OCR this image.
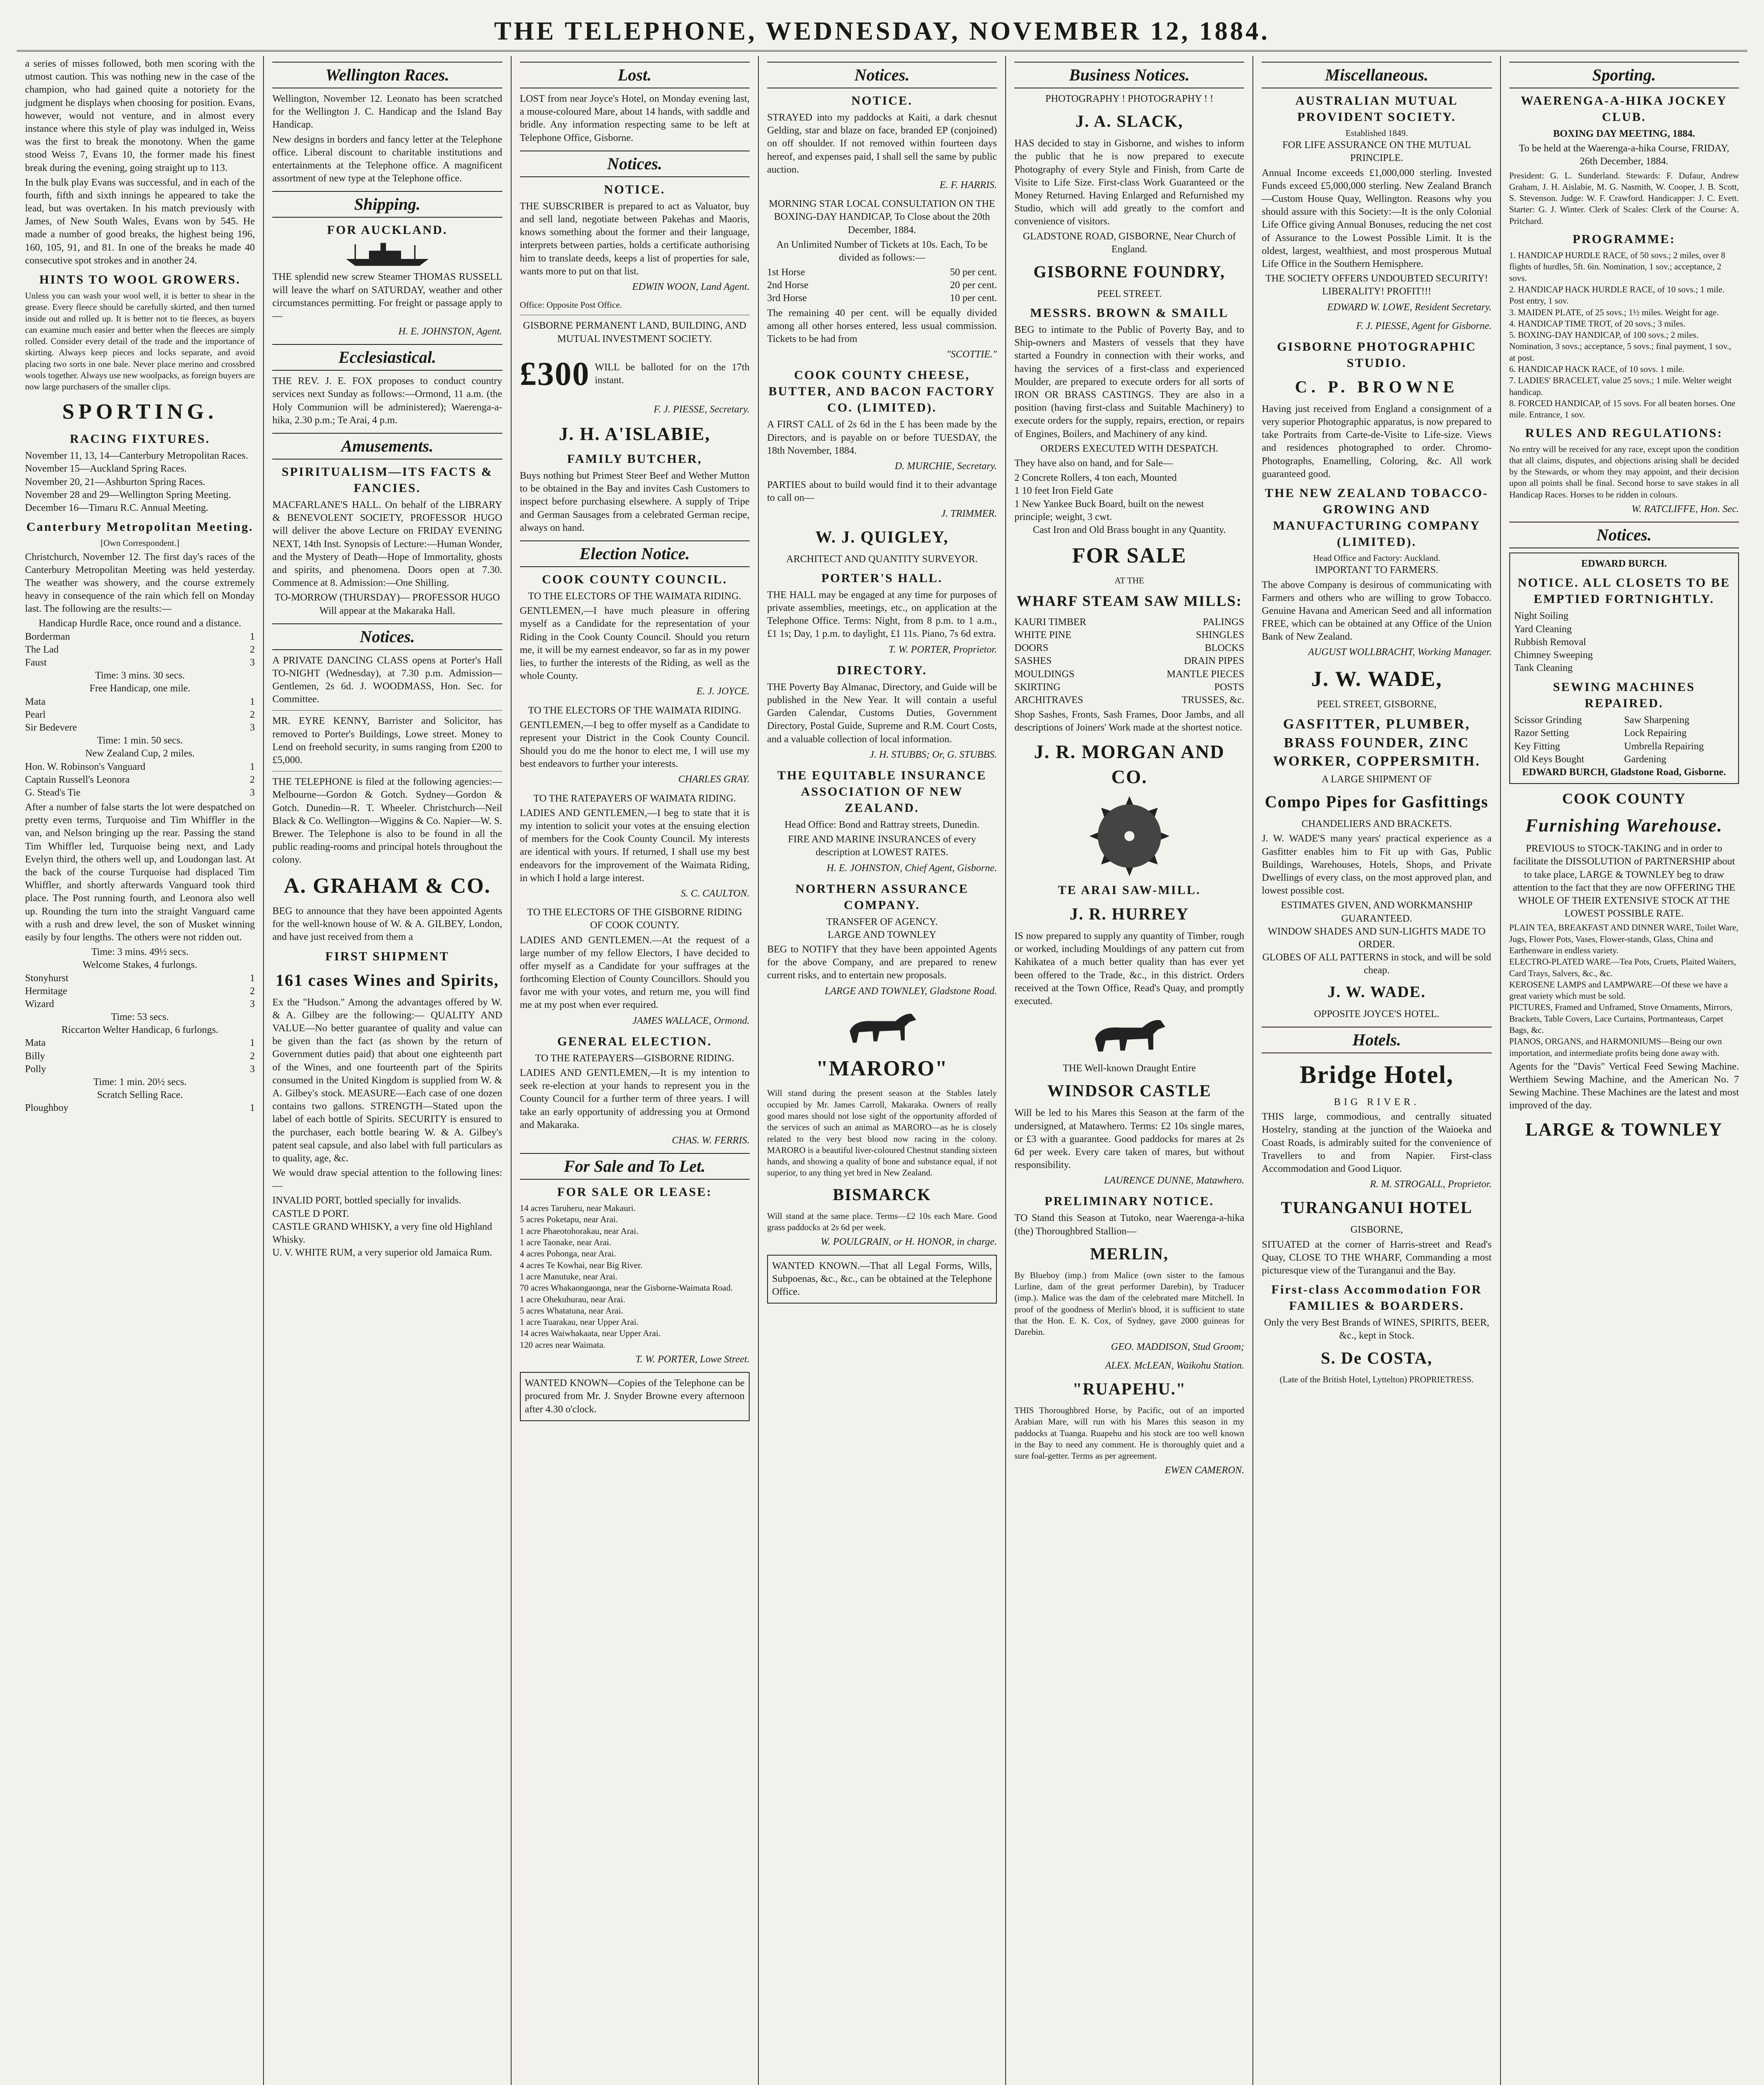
THE TELEPHONE, WEDNESDAY, NOVEMBER 12, 1884.
a series of misses followed, both men scoring with the utmost caution. This was nothing new in the case of the champion, who had gained quite a notoriety for the judgment he displays when choosing for position. Evans, however, would not venture, and in almost every instance where this style of play was indulged in, Weiss was the first to break the monotony. When the game stood Weiss 7, Evans 10, the former made his finest break during the evening, going straight up to 113.
In the bulk play Evans was successful, and in each of the fourth, fifth and sixth innings he appeared to take the lead, but was overtaken. In his match previously with James, of New South Wales, Evans won by 545. He made a number of good breaks, the highest being 196, 160, 105, 91, and 81. In one of the breaks he made 40 consecutive spot strokes and in another 24.
HINTS TO WOOL GROWERS.
Unless you can wash your wool well, it is better to shear in the grease. Every fleece should be carefully skirted, and then turned inside out and rolled up. It is better not to tie fleeces, as buyers can examine much easier and better when the fleeces are simply rolled. Consider every detail of the trade and the importance of skirting. Always keep pieces and locks separate, and avoid placing two sorts in one bale. Never place merino and crossbred wools together. Always use new woolpacks, as foreign buyers are now large purchasers of the smaller clips.
SPORTING.
RACING FIXTURES.
November 11, 13, 14—Canterbury Metropolitan Races.
November 15—Auckland Spring Races.
November 20, 21—Ashburton Spring Races.
November 28 and 29—Wellington Spring Meeting.
December 16—Timaru R.C. Annual Meeting.
Canterbury Metropolitan Meeting.
[Own Correspondent.]
Christchurch, November 12. The first day's races of the Canterbury Metropolitan Meeting was held yesterday. The weather was showery, and the course extremely heavy in consequence of the rain which fell on Monday last. The following are the results:—
Handicap Hurdle Race, once round and a distance.
Borderman	1
The Lad	2
Faust	3
Time: 3 mins. 30 secs.
Free Handicap, one mile.
Mata	1
Pearl	2
Sir Bedevere	3
Time: 1 min. 50 secs.
New Zealand Cup, 2 miles.
Hon. W. Robinson's Vanguard	1
Captain Russell's Leonora	2
G. Stead's Tie	3
After a number of false starts the lot were despatched on pretty even terms, Turquoise and Tim Whiffler in the van, and Nelson bringing up the rear. Passing the stand Tim Whiffler led, Turquoise being next, and Lady Evelyn third, the others well up, and Loudongan last. At the back of the course Turquoise had displaced Tim Whiffler, and shortly afterwards Vanguard took third place. The Post running fourth, and Leonora also well up. Rounding the turn into the straight Vanguard came with a rush and drew level, the son of Musket winning easily by four lengths. The others were not ridden out.
Time: 3 mins. 49½ secs.
Welcome Stakes, 4 furlongs.
Stonyhurst	1
Hermitage	2
Wizard	3
Time: 53 secs.
Riccarton Welter Handicap, 6 furlongs.
Mata	1
Billy	2
Polly	3
Time: 1 min. 20½ secs.
Scratch Selling Race.
Ploughboy	1
Wellington Races.
Wellington, November 12. Leonato has been scratched for the Wellington J. C. Handicap and the Island Bay Handicap.
New designs in borders and fancy letter at the Telephone office. Liberal discount to charitable institutions and entertainments at the Telephone office. A magnificent assortment of new type at the Telephone office.
Shipping.
FOR AUCKLAND.
THE splendid new screw Steamer THOMAS RUSSELL will leave the wharf on SATURDAY, weather and other circumstances permitting. For freight or passage apply to—
H. E. JOHNSTON, Agent.
Ecclesiastical.
THE REV. J. E. FOX proposes to conduct country services next Sunday as follows:—Ormond, 11 a.m. (the Holy Communion will be administered); Waerenga-a-hika, 2.30 p.m.; Te Arai, 4 p.m.
Amusements.
SPIRITUALISM—ITS FACTS & FANCIES.
MACFARLANE'S HALL. On behalf of the LIBRARY & BENEVOLENT SOCIETY, PROFESSOR HUGO will deliver the above Lecture on FRIDAY EVENING NEXT, 14th Inst. Synopsis of Lecture:—Human Wonder, and the Mystery of Death—Hope of Immortality, ghosts and spirits, and phenomena. Doors open at 7.30. Commence at 8. Admission:—One Shilling.
TO-MORROW (THURSDAY)— PROFESSOR HUGO Will appear at the Makaraka Hall.
Notices.
A PRIVATE DANCING CLASS opens at Porter's Hall TO-NIGHT (Wednesday), at 7.30 p.m. Admission—Gentlemen, 2s 6d. J. WOODMASS, Hon. Sec. for Committee.
MR. EYRE KENNY, Barrister and Solicitor, has removed to Porter's Buildings, Lowe street. Money to Lend on freehold security, in sums ranging from £200 to £5,000.
THE TELEPHONE is filed at the following agencies:— Melbourne—Gordon & Gotch. Sydney—Gordon & Gotch. Dunedin—R. T. Wheeler. Christchurch—Neil Black & Co. Wellington—Wiggins & Co. Napier—W. S. Brewer. The Telephone is also to be found in all the public reading-rooms and principal hotels throughout the colony.
A. GRAHAM & CO.
BEG to announce that they have been appointed Agents for the well-known house of W. & A. GILBEY, London, and have just received from them a
FIRST SHIPMENT
161 cases Wines and Spirits,
Ex the "Hudson." Among the advantages offered by W. & A. Gilbey are the following:— QUALITY AND VALUE—No better guarantee of quality and value can be given than the fact (as shown by the return of Government duties paid) that about one eighteenth part of the Wines, and one fourteenth part of the Spirits consumed in the United Kingdom is supplied from W. & A. Gilbey's stock. MEASURE—Each case of one dozen contains two gallons. STRENGTH—Stated upon the label of each bottle of Spirits. SECURITY is ensured to the purchaser, each bottle bearing W. & A. Gilbey's patent seal capsule, and also label with full particulars as to quality, age, &c.
We would draw special attention to the following lines:—
INVALID PORT, bottled specially for invalids.
CASTLE D PORT.
CASTLE GRAND WHISKY, a very fine old Highland Whisky.
U. V. WHITE RUM, a very superior old Jamaica Rum.
Lost.
LOST from near Joyce's Hotel, on Monday evening last, a mouse-coloured Mare, about 14 hands, with saddle and bridle. Any information respecting same to be left at Telephone Office, Gisborne.
Notices.
NOTICE.
THE SUBSCRIBER is prepared to act as Valuator, buy and sell land, negotiate between Pakehas and Maoris, knows something about the former and their language, interprets between parties, holds a certificate authorising him to translate deeds, keeps a list of properties for sale, wants more to put on that list.
EDWIN WOON, Land Agent.
Office: Opposite Post Office.
GISBORNE PERMANENT LAND, BUILDING, AND MUTUAL INVESTMENT SOCIETY.
£300 WILL be balloted for on the 17th instant.
F. J. PIESSE, Secretary.
J. H. A'ISLABIE,
FAMILY BUTCHER,
Buys nothing but Primest Steer Beef and Wether Mutton to be obtained in the Bay and invites Cash Customers to inspect before purchasing elsewhere. A supply of Tripe and German Sausages from a celebrated German recipe, always on hand.
Election Notice.
COOK COUNTY COUNCIL.
TO THE ELECTORS OF THE WAIMATA RIDING.
GENTLEMEN,—I have much pleasure in offering myself as a Candidate for the representation of your Riding in the Cook County Council. Should you return me, it will be my earnest endeavor, so far as in my power lies, to further the interests of the Riding, as well as the whole County.
E. J. JOYCE.
TO THE ELECTORS OF THE WAIMATA RIDING.
GENTLEMEN,—I beg to offer myself as a Candidate to represent your District in the Cook County Council. Should you do me the honor to elect me, I will use my best endeavors to further your interests.
CHARLES GRAY.
TO THE RATEPAYERS OF WAIMATA RIDING.
LADIES AND GENTLEMEN,—I beg to state that it is my intention to solicit your votes at the ensuing election of members for the Cook County Council. My interests are identical with yours. If returned, I shall use my best endeavors for the improvement of the Waimata Riding, in which I hold a large interest.
S. C. CAULTON.
TO THE ELECTORS OF THE GISBORNE RIDING OF COOK COUNTY.
LADIES AND GENTLEMEN.—At the request of a large number of my fellow Electors, I have decided to offer myself as a Candidate for your suffrages at the forthcoming Election of County Councillors. Should you favor me with your votes, and return me, you will find me at my post when ever required.
JAMES WALLACE, Ormond.
GENERAL ELECTION.
TO THE RATEPAYERS—GISBORNE RIDING.
LADIES AND GENTLEMEN,—It is my intention to seek re-election at your hands to represent you in the County Council for a further term of three years. I will take an early opportunity of addressing you at Ormond and Makaraka.
CHAS. W. FERRIS.
For Sale and To Let.
FOR SALE OR LEASE:
14 acres Taruheru, near Makauri.
5 acres Poketapu, near Arai.
1 acre Phaeotohorakau, near Arai.
1 acre Taonake, near Arai.
4 acres Pohonga, near Arai.
4 acres Te Kowhai, near Big River.
1 acre Manutuke, near Arai.
70 acres Whakaongaonga, near the Gisborne-Waimata Road.
1 acre Ohekuhurau, near Arai.
5 acres Whatatuna, near Arai.
1 acre Tuarakau, near Upper Arai.
14 acres Waiwhakaata, near Upper Arai.
120 acres near Waimata.
T. W. PORTER, Lowe Street.
WANTED KNOWN—Copies of the Telephone can be procured from Mr. J. Snyder Browne every afternoon after 4.30 o'clock.
Notices.
NOTICE.
STRAYED into my paddocks at Kaiti, a dark chesnut Gelding, star and blaze on face, branded EP (conjoined) on off shoulder. If not removed within fourteen days hereof, and expenses paid, I shall sell the same by public auction.
E. F. HARRIS.
MORNING STAR LOCAL CONSULTATION ON THE BOXING-DAY HANDICAP, To Close about the 20th December, 1884.
An Unlimited Number of Tickets at 10s. Each, To be divided as follows:—
1st Horse	50 per cent.
2nd Horse	20 per cent.
3rd Horse	10 per cent.
The remaining 40 per cent. will be equally divided among all other horses entered, less usual commission. Tickets to be had from
"SCOTTIE."
COOK COUNTY CHEESE, BUTTER, AND BACON FACTORY CO. (LIMITED).
A FIRST CALL of 2s 6d in the £ has been made by the Directors, and is payable on or before TUESDAY, the 18th November, 1884.
D. MURCHIE, Secretary.
PARTIES about to build would find it to their advantage to call on—
J. TRIMMER.
W. J. QUIGLEY,
ARCHITECT AND QUANTITY SURVEYOR.
PORTER'S HALL.
THE HALL may be engaged at any time for purposes of private assemblies, meetings, etc., on application at the Telephone Office. Terms: Night, from 8 p.m. to 1 a.m., £1 1s; Day, 1 p.m. to daylight, £1 11s. Piano, 7s 6d extra.
T. W. PORTER, Proprietor.
DIRECTORY.
THE Poverty Bay Almanac, Directory, and Guide will be published in the New Year. It will contain a useful Garden Calendar, Customs Duties, Government Directory, Postal Guide, Supreme and R.M. Court Costs, and a valuable collection of local information.
J. H. STUBBS; Or, G. STUBBS.
THE EQUITABLE INSURANCE ASSOCIATION OF NEW ZEALAND.
Head Office: Bond and Rattray streets, Dunedin.
FIRE AND MARINE INSURANCES of every description at LOWEST RATES.
H. E. JOHNSTON, Chief Agent, Gisborne.
NORTHERN ASSURANCE COMPANY.
TRANSFER OF AGENCY.
LARGE AND TOWNLEY
BEG to NOTIFY that they have been appointed Agents for the above Company, and are prepared to renew current risks, and to entertain new proposals.
LARGE AND TOWNLEY, Gladstone Road.
"MARORO"
Will stand during the present season at the Stables lately occupied by Mr. James Carroll, Makaraka. Owners of really good mares should not lose sight of the opportunity afforded of the services of such an animal as MARORO—as he is closely related to the very best blood now racing in the colony. MARORO is a beautiful liver-coloured Chestnut standing sixteen hands, and showing a quality of bone and substance equal, if not superior, to any thing yet bred in New Zealand.
BISMARCK
Will stand at the same place. Terms—£2 10s each Mare. Good grass paddocks at 2s 6d per week.
W. POULGRAIN, or H. HONOR, in charge.
WANTED KNOWN.—That all Legal Forms, Wills, Subpoenas, &c., &c., can be obtained at the Telephone Office.
Business Notices.
PHOTOGRAPHY ! PHOTOGRAPHY ! !
J. A. SLACK,
HAS decided to stay in Gisborne, and wishes to inform the public that he is now prepared to execute Photography of every Style and Finish, from Carte de Visite to Life Size. First-class Work Guaranteed or the Money Returned. Having Enlarged and Refurnished my Studio, which will add greatly to the comfort and convenience of visitors.
GLADSTONE ROAD, GISBORNE, Near Church of England.
GISBORNE FOUNDRY,
PEEL STREET.
MESSRS. BROWN & SMAILL
BEG to intimate to the Public of Poverty Bay, and to Ship-owners and Masters of vessels that they have started a Foundry in connection with their works, and having the services of a first-class and experienced Moulder, are prepared to execute orders for all sorts of IRON OR BRASS CASTINGS. They are also in a position (having first-class and Suitable Machinery) to execute orders for the supply, repairs, erection, or repairs of Engines, Boilers, and Machinery of any kind.
ORDERS EXECUTED WITH DESPATCH.
They have also on hand, and for Sale—
2 Concrete Rollers, 4 ton each, Mounted
1 10 feet Iron Field Gate
1 New Yankee Buck Board, built on the newest principle; weight, 3 cwt.
Cast Iron and Old Brass bought in any Quantity.
FOR SALE
AT THE
WHARF STEAM SAW MILLS:
KAURI TIMBER	PALINGS
WHITE PINE	SHINGLES
DOORS	BLOCKS
SASHES	DRAIN PIPES
MOULDINGS	MANTLE PIECES
SKIRTING	POSTS
ARCHITRAVES	TRUSSES, &c.
Shop Sashes, Fronts, Sash Frames, Door Jambs, and all descriptions of Joiners' Work made at the shortest notice.
J. R. MORGAN AND CO.
TE ARAI SAW-MILL.
J. R. HURREY
IS now prepared to supply any quantity of Timber, rough or worked, including Mouldings of any pattern cut from Kahikatea of a much better quality than has ever yet been offered to the Trade, &c., in this district. Orders received at the Town Office, Read's Quay, and promptly executed.
THE Well-known Draught Entire
WINDSOR CASTLE
Will be led to his Mares this Season at the farm of the undersigned, at Matawhero. Terms: £2 10s single mares, or £3 with a guarantee. Good paddocks for mares at 2s 6d per week. Every care taken of mares, but without responsibility.
LAURENCE DUNNE, Matawhero.
PRELIMINARY NOTICE.
TO Stand this Season at Tutoko, near Waerenga-a-hika (the) Thoroughbred Stallion—
MERLIN,
By Blueboy (imp.) from Malice (own sister to the famous Lurline, dam of the great performer Darebin), by Traducer (imp.). Malice was the dam of the celebrated mare Mitchell. In proof of the goodness of Merlin's blood, it is sufficient to state that the Hon. E. K. Cox, of Sydney, gave 2000 guineas for Darebin.
GEO. MADDISON, Stud Groom;
ALEX. McLEAN, Waikohu Station.
"RUAPEHU."
THIS Thoroughbred Horse, by Pacific, out of an imported Arabian Mare, will run with his Mares this season in my paddocks at Tuanga. Ruapehu and his stock are too well known in the Bay to need any comment. He is thoroughly quiet and a sure foal-getter. Terms as per agreement.
EWEN CAMERON.
Miscellaneous.
AUSTRALIAN MUTUAL PROVIDENT SOCIETY.
Established 1849.
FOR LIFE ASSURANCE ON THE MUTUAL PRINCIPLE.
Annual Income exceeds £1,000,000 sterling. Invested Funds exceed £5,000,000 sterling. New Zealand Branch—Custom House Quay, Wellington. Reasons why you should assure with this Society:—It is the only Colonial Life Office giving Annual Bonuses, reducing the net cost of Assurance to the Lowest Possible Limit. It is the oldest, largest, wealthiest, and most prosperous Mutual Life Office in the Southern Hemisphere.
THE SOCIETY OFFERS UNDOUBTED SECURITY! LIBERALITY! PROFIT!!!
EDWARD W. LOWE, Resident Secretary.
F. J. PIESSE, Agent for Gisborne.
GISBORNE PHOTOGRAPHIC STUDIO.
C. P. BROWNE
Having just received from England a consignment of a very superior Photographic apparatus, is now prepared to take Portraits from Carte-de-Visite to Life-size. Views and residences photographed to order. Chromo-Photographs, Enamelling, Coloring, &c. All work guaranteed good.
THE NEW ZEALAND TOBACCO-GROWING AND MANUFACTURING COMPANY (LIMITED).
Head Office and Factory: Auckland.
IMPORTANT TO FARMERS.
The above Company is desirous of communicating with Farmers and others who are willing to grow Tobacco. Genuine Havana and American Seed and all information FREE, which can be obtained at any Office of the Union Bank of New Zealand.
AUGUST WOLLBRACHT, Working Manager.
J. W. WADE,
PEEL STREET, GISBORNE,
GASFITTER, PLUMBER, BRASS FOUNDER, ZINC WORKER, COPPERSMITH.
A LARGE SHIPMENT OF
Compo Pipes for Gasfittings
CHANDELIERS AND BRACKETS.
J. W. WADE'S many years' practical experience as a Gasfitter enables him to Fit up with Gas, Public Buildings, Warehouses, Hotels, Shops, and Private Dwellings of every class, on the most approved plan, and lowest possible cost.
ESTIMATES GIVEN, AND WORKMANSHIP GUARANTEED.
WINDOW SHADES AND SUN-LIGHTS MADE TO ORDER.
GLOBES OF ALL PATTERNS in stock, and will be sold cheap.
J. W. WADE.
OPPOSITE JOYCE'S HOTEL.
Hotels.
Bridge Hotel,
BIG RIVER.
THIS large, commodious, and centrally situated Hostelry, standing at the junction of the Waioeka and Coast Roads, is admirably suited for the convenience of Travellers to and from Napier. First-class Accommodation and Good Liquor.
R. M. STROGALL, Proprietor.
TURANGANUI HOTEL
GISBORNE,
SITUATED at the corner of Harris-street and Read's Quay, CLOSE TO THE WHARF, Commanding a most picturesque view of the Turanganui and the Bay.
First-class Accommodation FOR FAMILIES & BOARDERS.
Only the very Best Brands of WINES, SPIRITS, BEER, &c., kept in Stock.
S. De COSTA,
(Late of the British Hotel, Lyttelton) PROPRIETRESS.
Sporting.
WAERENGA-A-HIKA JOCKEY CLUB.
BOXING DAY MEETING, 1884.
To be held at the Waerenga-a-hika Course, FRIDAY, 26th December, 1884.
President: G. L. Sunderland. Stewards: F. Dufaur, Andrew Graham, J. H. Aislabie, M. G. Nasmith, W. Cooper, J. B. Scott, S. Stevenson. Judge: W. F. Crawford. Handicapper: J. C. Evett. Starter: G. J. Winter. Clerk of Scales: Clerk of the Course: A. Pritchard.
PROGRAMME:
1. HANDICAP HURDLE RACE, of 50 sovs.; 2 miles, over 8 flights of hurdles, 5ft. 6in. Nomination, 1 sov.; acceptance, 2 sovs.
2. HANDICAP HACK HURDLE RACE, of 10 sovs.; 1 mile. Post entry, 1 sov.
3. MAIDEN PLATE, of 25 sovs.; 1½ miles. Weight for age.
4. HANDICAP TIME TROT, of 20 sovs.; 3 miles.
5. BOXING-DAY HANDICAP, of 100 sovs.; 2 miles. Nomination, 3 sovs.; acceptance, 5 sovs.; final payment, 1 sov., at post.
6. HANDICAP HACK RACE, of 10 sovs. 1 mile.
7. LADIES' BRACELET, value 25 sovs.; 1 mile. Welter weight handicap.
8. FORCED HANDICAP, of 15 sovs. For all beaten horses. One mile. Entrance, 1 sov.
RULES AND REGULATIONS:
No entry will be received for any race, except upon the condition that all claims, disputes, and objections arising shall be decided by the Stewards, or whom they may appoint, and their decision upon all points shall be final. Second horse to save stakes in all Handicap Races. Horses to be ridden in colours.
W. RATCLIFFE, Hon. Sec.
Notices.
EDWARD BURCH.
NOTICE. ALL CLOSETS TO BE EMPTIED FORTNIGHTLY.
Night Soiling
Yard Cleaning
Rubbish Removal
Chimney Sweeping
Tank Cleaning
SEWING MACHINES REPAIRED.
Scissor Grinding	Saw Sharpening
Razor Setting	Lock Repairing
Key Fitting	Umbrella Repairing
Old Keys Bought	Gardening
EDWARD BURCH, Gladstone Road, Gisborne.
COOK COUNTY
Furnishing Warehouse.
PREVIOUS to STOCK-TAKING and in order to facilitate the DISSOLUTION of PARTNERSHIP about to take place, LARGE & TOWNLEY beg to draw attention to the fact that they are now OFFERING THE WHOLE OF THEIR EXTENSIVE STOCK AT THE LOWEST POSSIBLE RATE.
PLAIN TEA, BREAKFAST AND DINNER WARE, Toilet Ware, Jugs, Flower Pots, Vases, Flower-stands, Glass, China and Earthenware in endless variety.
ELECTRO-PLATED WARE—Tea Pots, Cruets, Plaited Waiters, Card Trays, Salvers, &c., &c.
KEROSENE LAMPS and LAMPWARE—Of these we have a great variety which must be sold.
PICTURES, Framed and Unframed, Stove Ornaments, Mirrors, Brackets, Table Covers, Lace Curtains, Portmanteaus, Carpet Bags, &c.
PIANOS, ORGANS, and HARMONIUMS—Being our own importation, and intermediate profits being done away with.
Agents for the "Davis" Vertical Feed Sewing Machine. Werthiem Sewing Machine, and the American No. 7 Sewing Machine. These Machines are the latest and most improved of the day.
LARGE & TOWNLEY
